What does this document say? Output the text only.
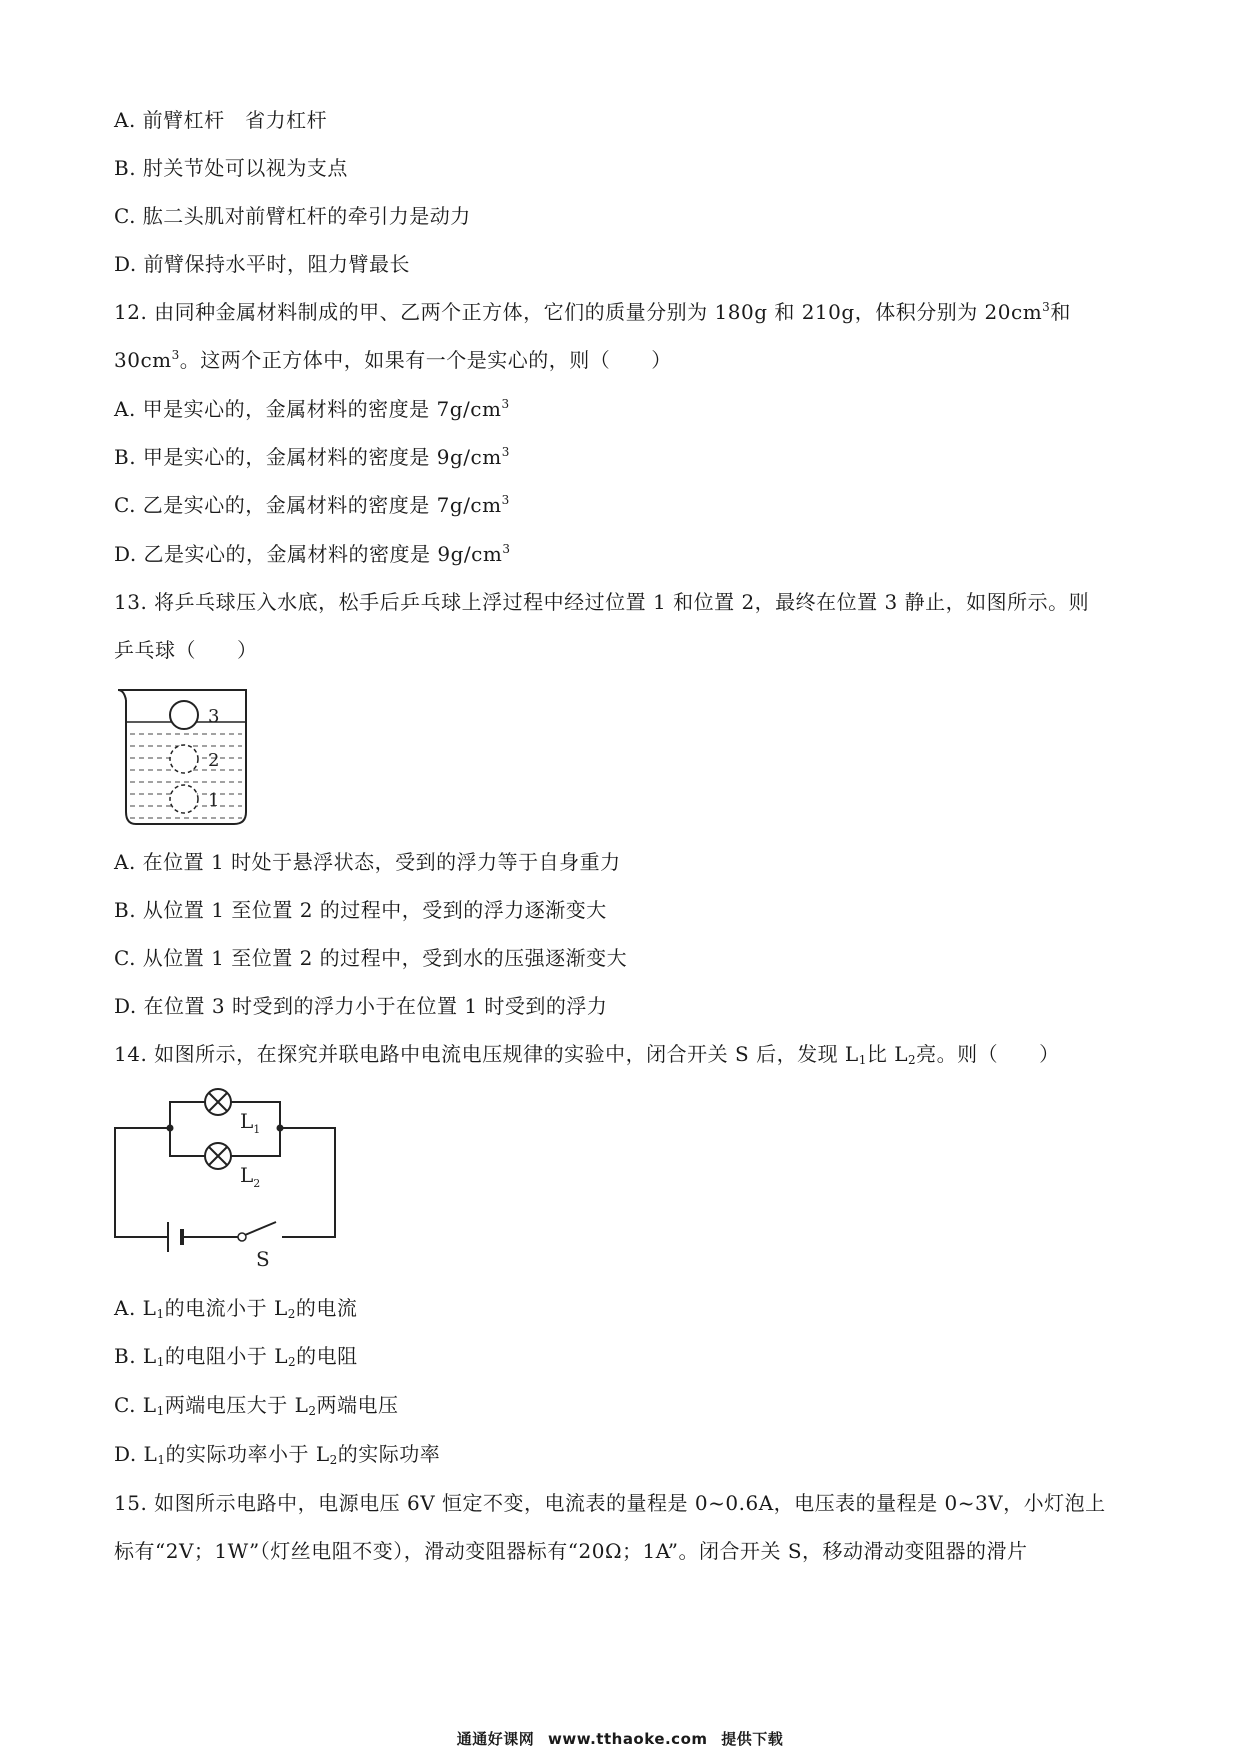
A. 前臂杠杆　省力杠杆
B. 肘关节处可以视为支点
C. 肱二头肌对前臂杠杆的牵引力是动力
D. 前臂保持水平时，阻力臂最长
12. 由同种金属材料制成的甲、乙两个正方体，它们的质量分别为 180g 和 210g，体积分别为 $20cm^3$和
$30cm^3$。这两个正方体中，如果有一个是实心的，则（　　）
A. 甲是实心的，金属材料的密度是 $7g/cm^3$
B. 甲是实心的，金属材料的密度是 $9g/cm^3$
C. 乙是实心的，金属材料的密度是 $7g/cm^3$
D. 乙是实心的，金属材料的密度是 $9g/cm^3$
13. 将乒乓球压入水底，松手后乒乓球上浮过程中经过位置 1 和位置 2，最终在位置 3 静止，如图所示。则
乒乓球（　　）
3
2
1
A. 在位置 1 时处于悬浮状态，受到的浮力等于自身重力
B. 从位置 1 至位置 2 的过程中，受到的浮力逐渐变大
C. 从位置 1 至位置 2 的过程中，受到水的压强逐渐变大
D. 在位置 3 时受到的浮力小于在位置 1 时受到的浮力
14. 如图所示，在探究并联电路中电流电压规律的实验中，闭合开关 S 后，发现 $L_1$比 $L_2$亮。则（　　）
$L_1$
$L_2$
S
A. $L_1$的电流小于 $L_2$的电流
B. $L_1$的电阻小于 $L_2$的电阻
C. $L_1$两端电压大于 $L_2$两端电压
D. $L_1$的实际功率小于 $L_2$的实际功率
15. 如图所示电路中，电源电压 6V 恒定不变，电流表的量程是 0~0.6A，电压表的量程是 0~3V，小灯泡上
标有“2V；1W”（灯丝电阻不变），滑动变阻器标有“20Ω；1A”。闭合开关 S，移动滑动变阻器的滑片
通通好课网 www.tthaoke.com 提供下载
